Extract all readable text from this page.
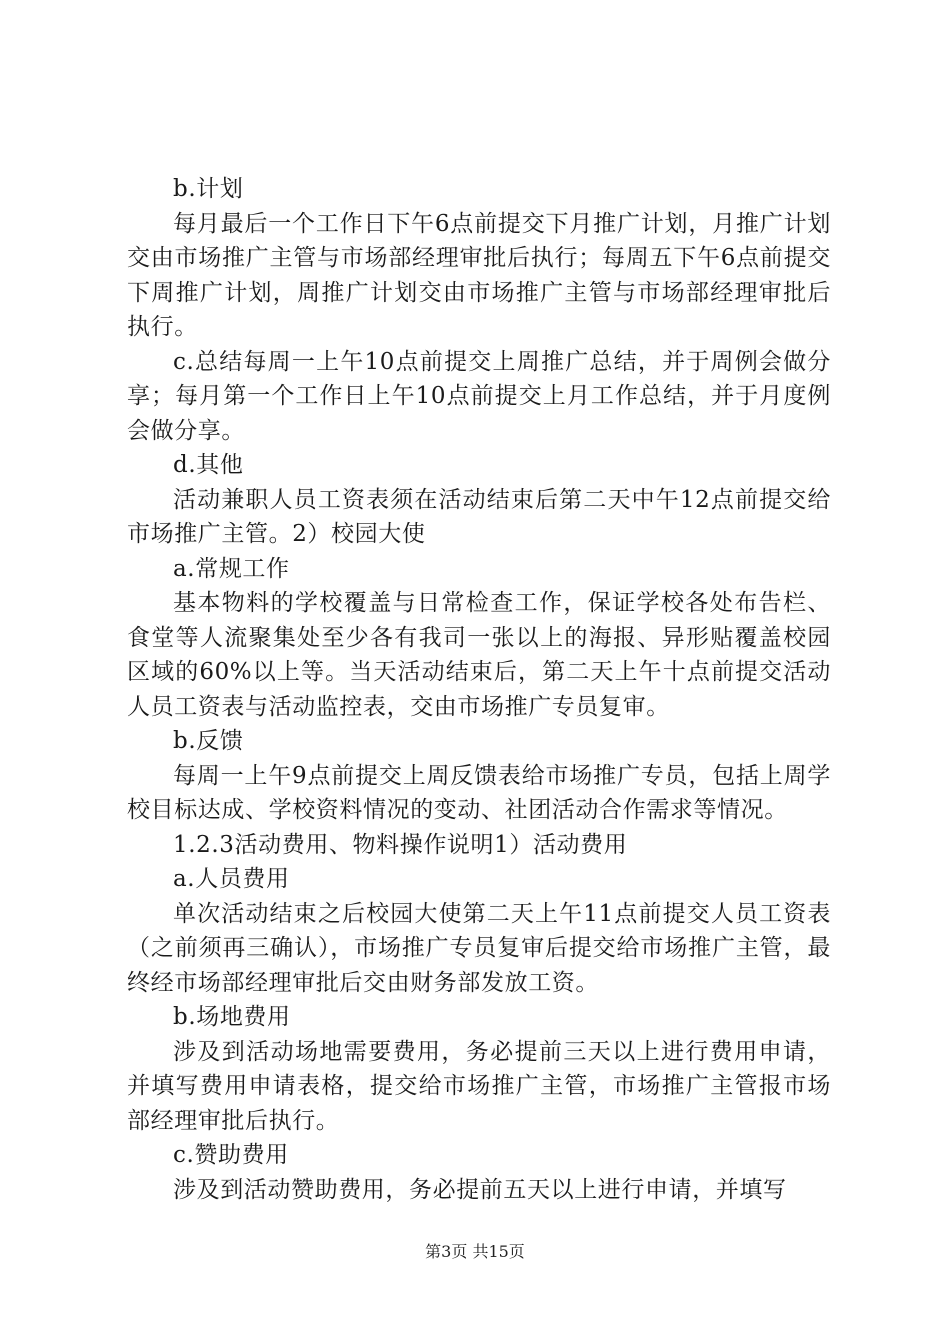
b.计划

每月最后一个工作日下午6点前提交下月推广计划，月推广计划交由市场推广主管与市场部经理审批后执行；每周五下午6点前提交下周推广计划，周推广计划交由市场推广主管与市场部经理审批后执行。

c.总结每周一上午10点前提交上周推广总结，并于周例会做分享；每月第一个工作日上午10点前提交上月工作总结，并于月度例会做分享。

d.其他

活动兼职人员工资表须在活动结束后第二天中午12点前提交给市场推广主管。2）校园大使

a.常规工作

基本物料的学校覆盖与日常检查工作，保证学校各处布告栏、食堂等人流聚集处至少各有我司一张以上的海报、异形贴覆盖校园区域的60%以上等。当天活动结束后，第二天上午十点前提交活动人员工资表与活动监控表，交由市场推广专员复审。

b.反馈

每周一上午9点前提交上周反馈表给市场推广专员，包括上周学校目标达成、学校资料情况的变动、社团活动合作需求等情况。

1.2.3活动费用、物料操作说明1）活动费用

a.人员费用

单次活动结束之后校园大使第二天上午11点前提交人员工资表（之前须再三确认），市场推广专员复审后提交给市场推广主管，最终经市场部经理审批后交由财务部发放工资。

b.场地费用

涉及到活动场地需要费用，务必提前三天以上进行费用申请，并填写费用申请表格，提交给市场推广主管，市场推广主管报市场部经理审批后执行。

c.赞助费用

涉及到活动赞助费用，务必提前五天以上进行申请，并填写

第3页 共15页
